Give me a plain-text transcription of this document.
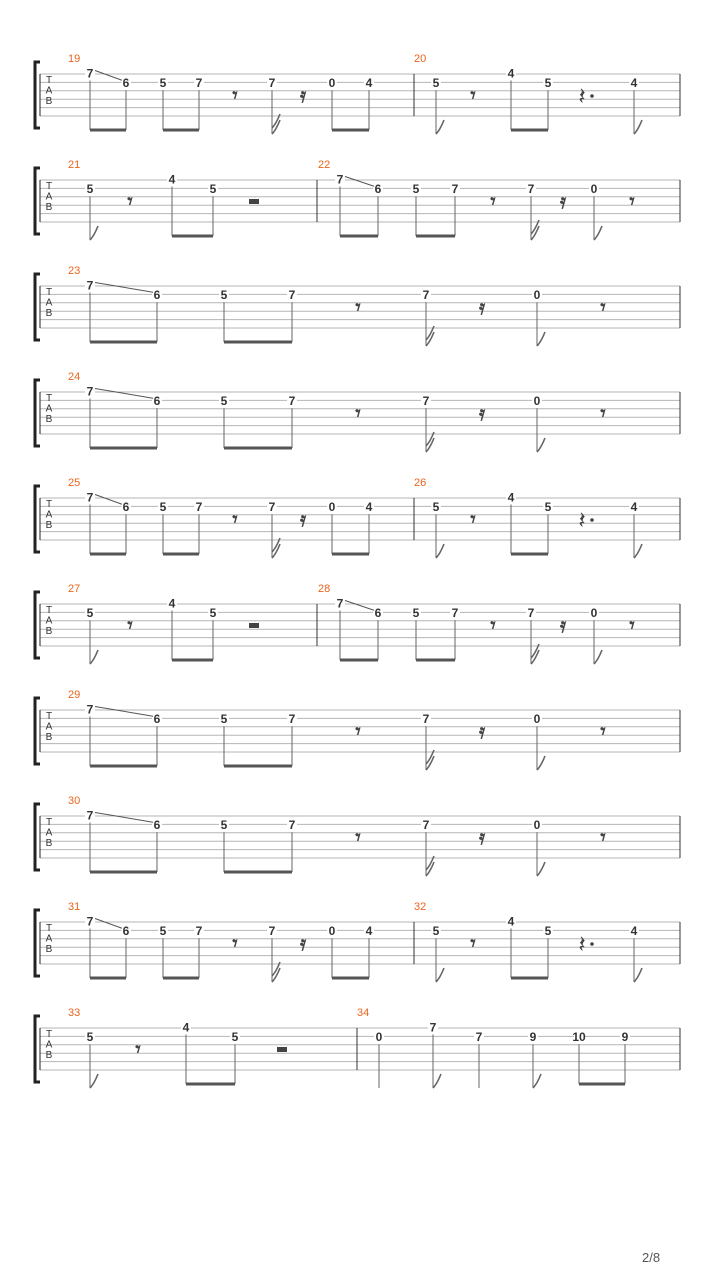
T
A
B
19
7
6	5 7	7	0	4
𝄾	𝄿
20
5
4
5	4
𝄾	𝄽
T
A
B
21
5
4
5
𝄾
22
7
6	5	7	7	0
𝄾	𝄿	𝄾
T
A
B
23
7
6	5	7	7	0
𝄾	𝄿	𝄾
T
A
B
24
7
6	5	7	7	0
𝄾	𝄿	𝄾
T
A
B
25
7
6	5 7	7	0	4
𝄾	𝄿
26
5
4
5	4
𝄾	𝄽
T
A
B
27
5
4
5
𝄾
28
7
6	5	7	7	0
𝄾	𝄿	𝄾
T
A
B
29
7
6	5	7	7	0
𝄾	𝄿	𝄾
T
A
B
30
7
6	5	7	7	0
𝄾	𝄿	𝄾
T
A
B
31
7
6	5 7	7	0	4
𝄾	𝄿
32
5
4
5	4
𝄾	𝄽
T
A
B
33
5
4
5
𝄾
34
0
7
7	9	10	9
2/8
